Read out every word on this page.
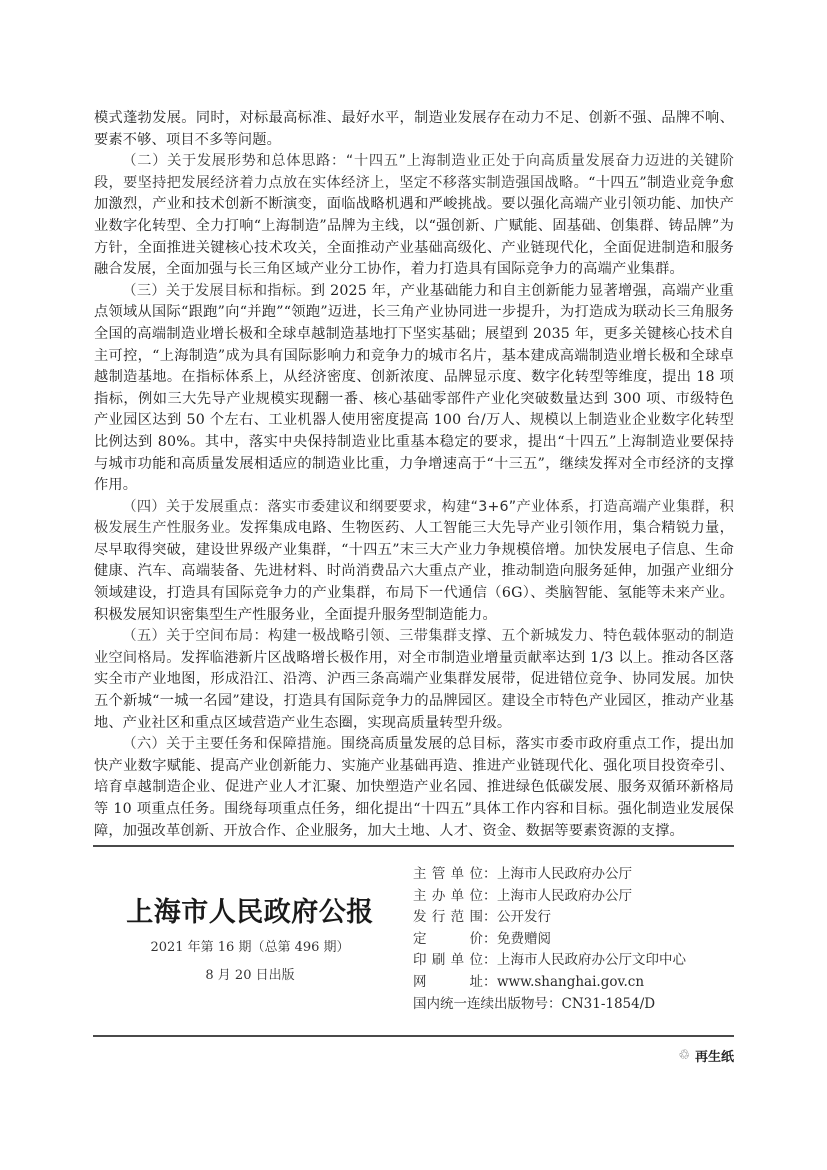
模式蓬勃发展。同时，对标最高标准、最好水平，制造业发展存在动力不足、创新不强、品牌不响、要素不够、项目不多等问题。

（二）关于发展形势和总体思路：“十四五”上海制造业正处于向高质量发展奋力迈进的关键阶段，要坚持把发展经济着力点放在实体经济上，坚定不移落实制造强国战略。“十四五”制造业竞争愈加激烈，产业和技术创新不断演变，面临战略机遇和严峻挑战。要以强化高端产业引领功能、加快产业数字化转型、全力打响“上海制造”品牌为主线，以“强创新、广赋能、固基础、创集群、铸品牌”为方针，全面推进关键核心技术攻关，全面推动产业基础高级化、产业链现代化，全面促进制造和服务融合发展，全面加强与长三角区域产业分工协作，着力打造具有国际竞争力的高端产业集群。

（三）关于发展目标和指标。到 2025 年，产业基础能力和自主创新能力显著增强，高端产业重点领域从国际“跟跑”向“并跑”“领跑”迈进，长三角产业协同进一步提升，为打造成为联动长三角服务全国的高端制造业增长极和全球卓越制造基地打下坚实基础；展望到 2035 年，更多关键核心技术自主可控，“上海制造”成为具有国际影响力和竞争力的城市名片，基本建成高端制造业增长极和全球卓越制造基地。在指标体系上，从经济密度、创新浓度、品牌显示度、数字化转型等维度，提出 18 项指标，例如三大先导产业规模实现翻一番、核心基础零部件产业化突破数量达到 300 项、市级特色产业园区达到 50 个左右、工业机器人使用密度提高 100 台/万人、规模以上制造业企业数字化转型比例达到 80%。其中，落实中央保持制造业比重基本稳定的要求，提出“十四五”上海制造业要保持与城市功能和高质量发展相适应的制造业比重，力争增速高于“十三五”，继续发挥对全市经济的支撑作用。

（四）关于发展重点：落实市委建议和纲要要求，构建“3+6”产业体系，打造高端产业集群，积极发展生产性服务业。发挥集成电路、生物医药、人工智能三大先导产业引领作用，集合精锐力量，尽早取得突破，建设世界级产业集群，“十四五”末三大产业力争规模倍增。加快发展电子信息、生命健康、汽车、高端装备、先进材料、时尚消费品六大重点产业，推动制造向服务延伸，加强产业细分领域建设，打造具有国际竞争力的产业集群，布局下一代通信（6G）、类脑智能、氢能等未来产业。积极发展知识密集型生产性服务业，全面提升服务型制造能力。

（五）关于空间布局：构建一极战略引领、三带集群支撑、五个新城发力、特色载体驱动的制造业空间格局。发挥临港新片区战略增长极作用，对全市制造业增量贡献率达到 1/3 以上。推动各区落实全市产业地图，形成沿江、沿湾、沪西三条高端产业集群发展带，促进错位竞争、协同发展。加快五个新城“一城一名园”建设，打造具有国际竞争力的品牌园区。建设全市特色产业园区，推动产业基地、产业社区和重点区域营造产业生态圈，实现高质量转型升级。

（六）关于主要任务和保障措施。围绕高质量发展的总目标，落实市委市政府重点工作，提出加快产业数字赋能、提高产业创新能力、实施产业基础再造、推进产业链现代化、强化项目投资牵引、培育卓越制造企业、促进产业人才汇聚、加快塑造产业名园、推进绿色低碳发展、服务双循环新格局等 10 项重点任务。围绕每项重点任务，细化提出“十四五”具体工作内容和目标。强化制造业发展保障，加强改革创新、开放合作、企业服务，加大土地、人才、资金、数据等要素资源的支撑。

上海市人民政府公报
2021 年第 16 期（总第 496 期）
8 月 20 日出版
主管单位：上海市人民政府办公厅
主办单位：上海市人民政府办公厅
发行范围：公开发行
定价：免费赠阅
印刷单位：上海市人民政府办公厅文印中心
网址：www.shanghai.gov.cn
国内统一连续出版物号：CN31-1854/D
♲ 再生纸
